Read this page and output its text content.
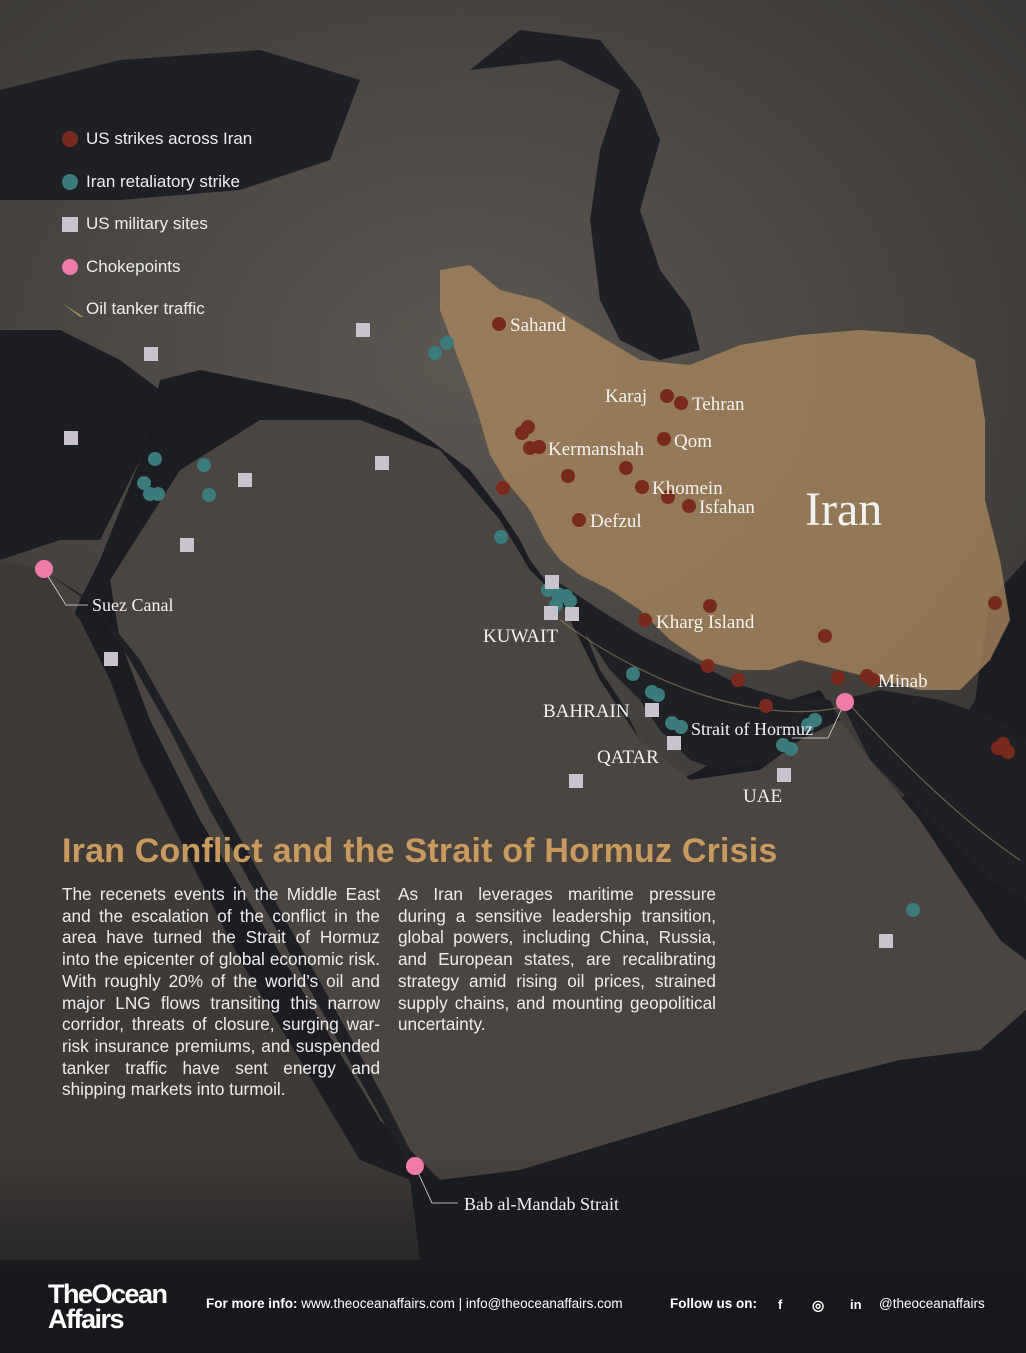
Iran
Sahand
Karaj Tehran
Qom
Kermanshah
Khomein
Isfahan
Defzul
Kharg Island
Minab
KUWAIT
BAHRAIN
QATAR
UAE
Suez Canal
Strait of Hormuz
Bab al-Mandab Strait
US strikes across Iran
Iran retaliatory strike
US military sites
Chokepoints
Oil tanker traffic
Iran Conflict and the Strait of Hormuz Crisis
The recenets events in the Middle East and the escalation of the conflict in the area have turned the Strait of Hormuz into the epicenter of global economic risk. With roughly 20% of the world’s oil and major LNG flows transiting this narrow corridor, threats of closure, surging war-risk insurance premiums, and suspended tanker traffic have sent energy and shipping markets into turmoil.
As Iran leverages maritime pressure during a sensitive leadership transition, global powers, including China, Russia, and European states, are recalibrating strategy amid rising oil prices, strained supply chains, and mounting geopolitical uncertainty.
TheOcean
Affairs
For more info: www.theoceanaffairs.com | info@theoceanaffairs.com	Follow us on: f ◎ in @theoceanaffairs
